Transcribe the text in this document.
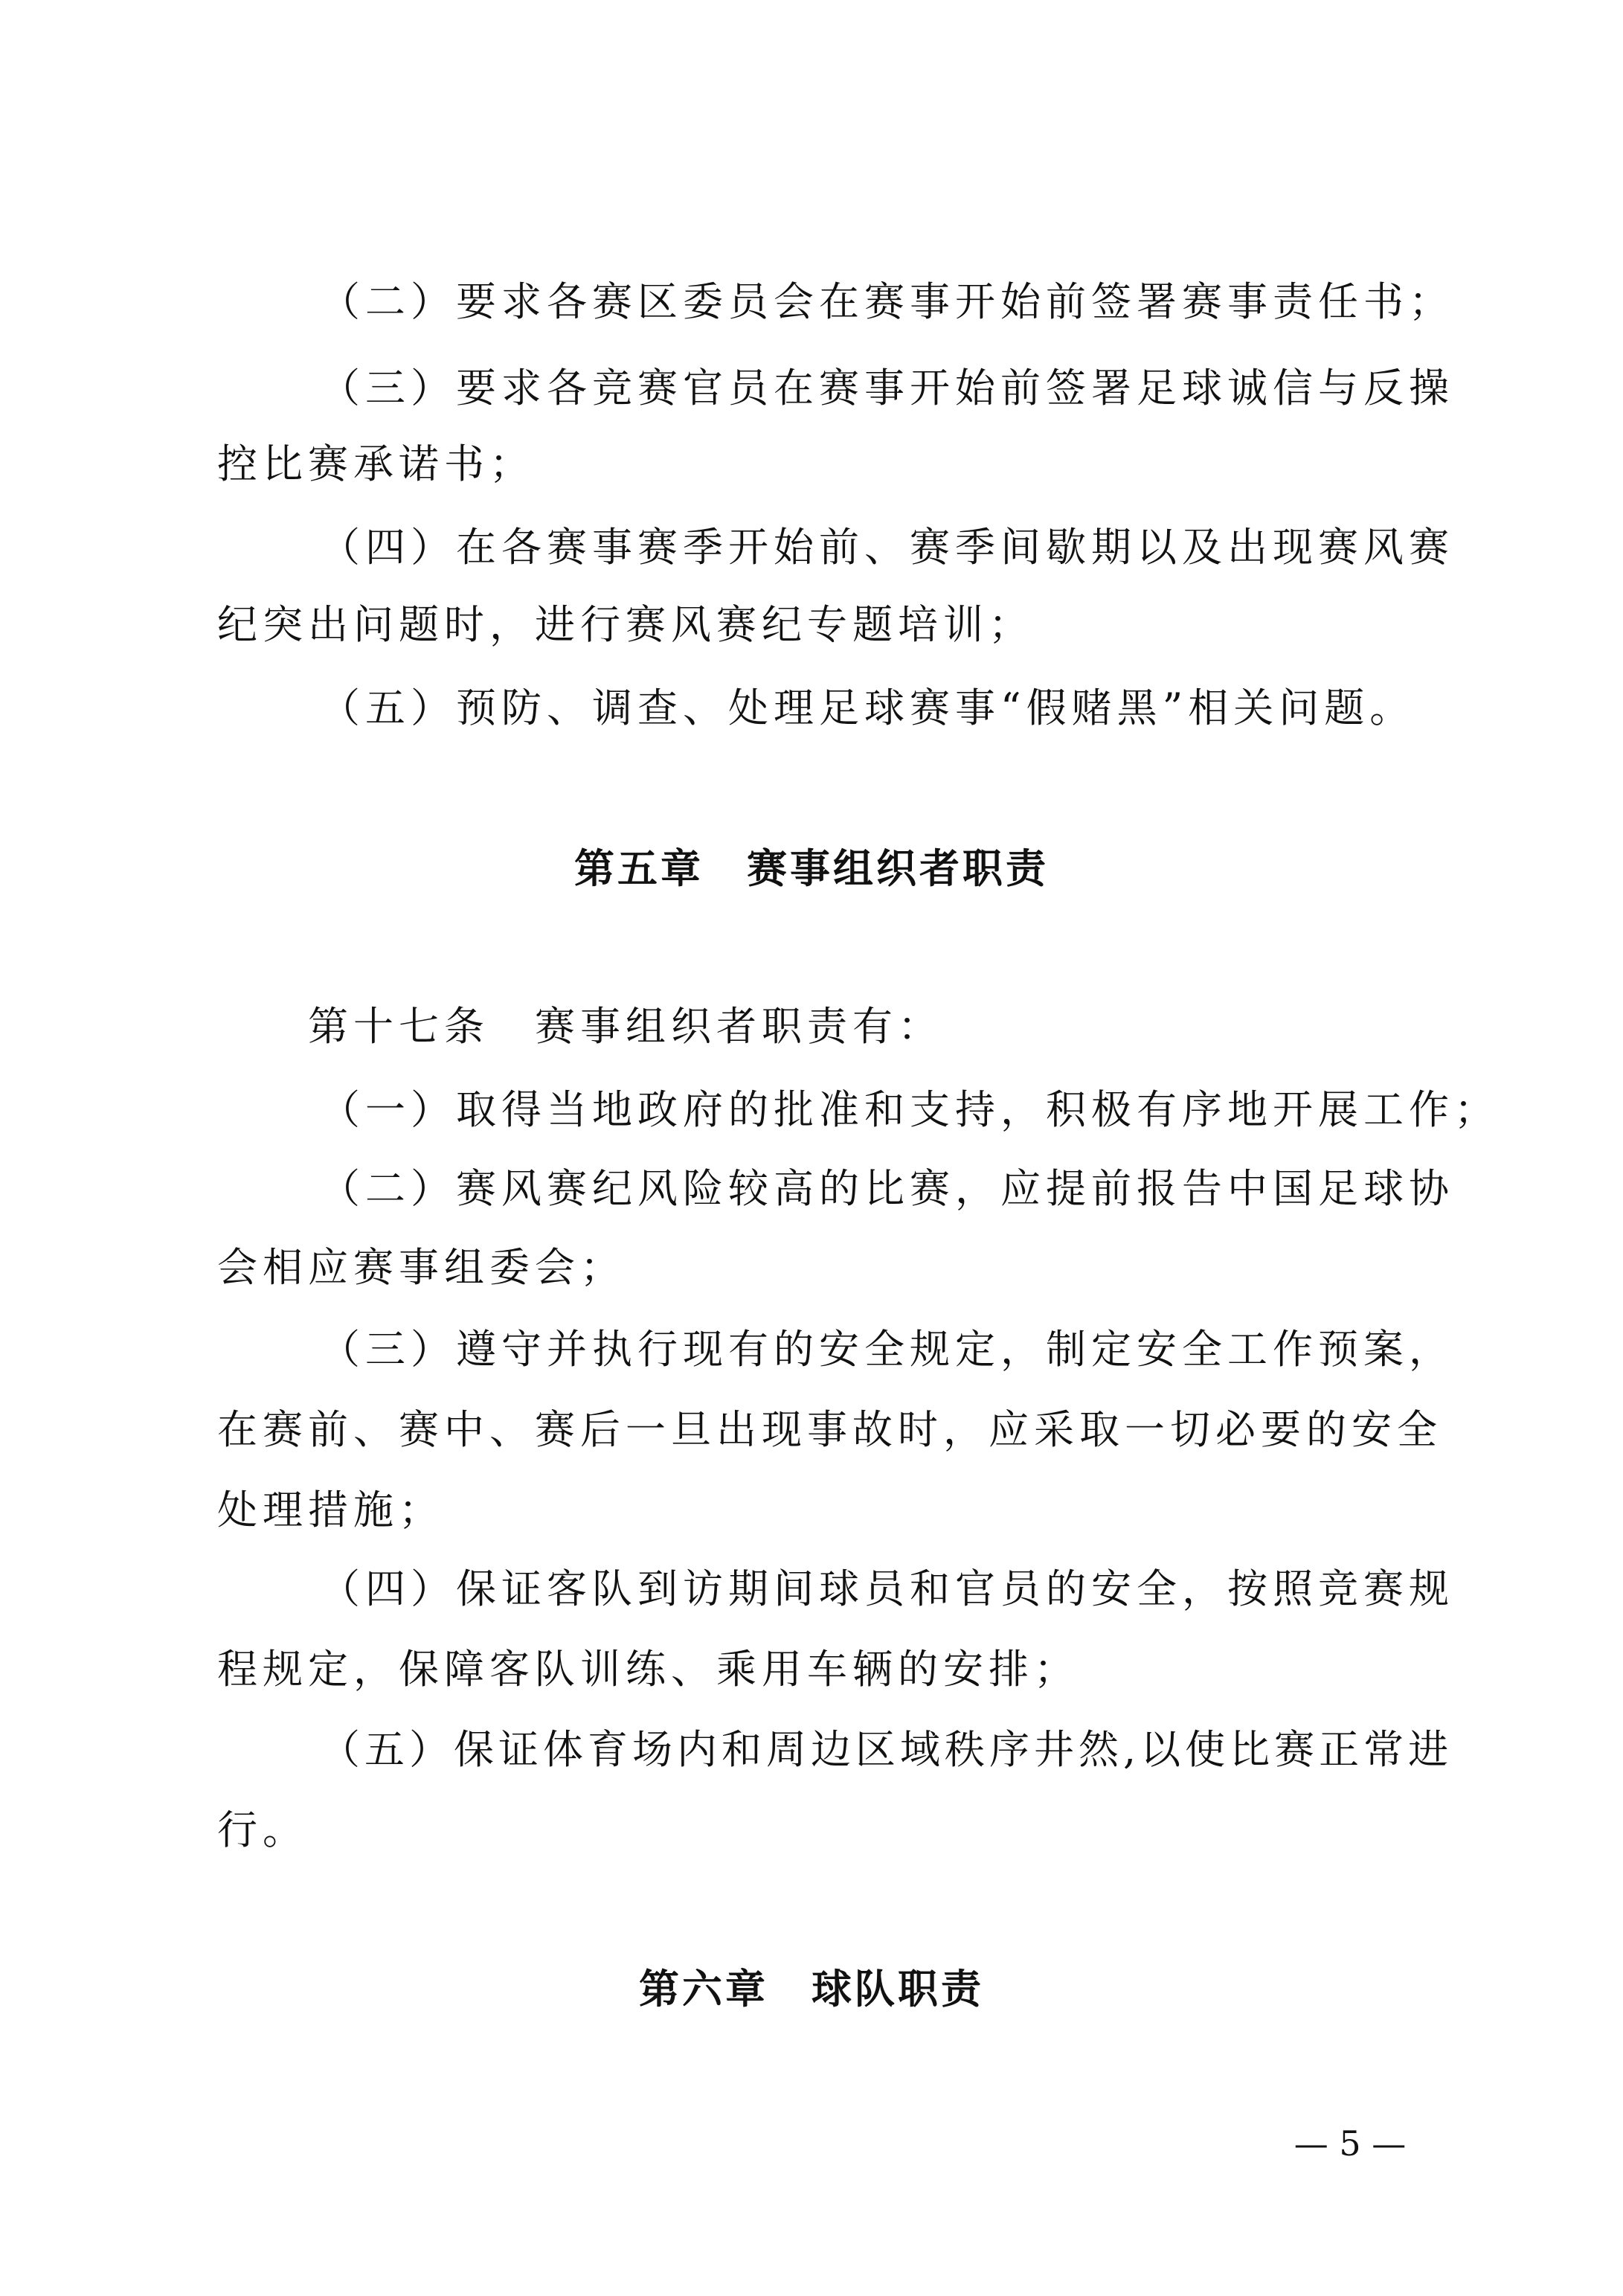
（二）要求各赛区委员会在赛事开始前签署赛事责任书；
（三）要求各竞赛官员在赛事开始前签署足球诚信与反操
控比赛承诺书；
（四）在各赛事赛季开始前、赛季间歇期以及出现赛风赛
纪突出问题时，进行赛风赛纪专题培训；
（五）预防、调查、处理足球赛事“假赌黑”相关问题。
第五章　赛事组织者职责
第十七条　赛事组织者职责有：
（一）取得当地政府的批准和支持，积极有序地开展工作；
（二）赛风赛纪风险较高的比赛，应提前报告中国足球协
会相应赛事组委会；
（三）遵守并执行现有的安全规定，制定安全工作预案，
在赛前、赛中、赛后一旦出现事故时，应采取一切必要的安全
处理措施；
（四）保证客队到访期间球员和官员的安全，按照竞赛规
程规定，保障客队训练、乘用车辆的安排；
（五）保证体育场内和周边区域秩序井然,以使比赛正常进
行。
第六章　球队职责
— 5 —
